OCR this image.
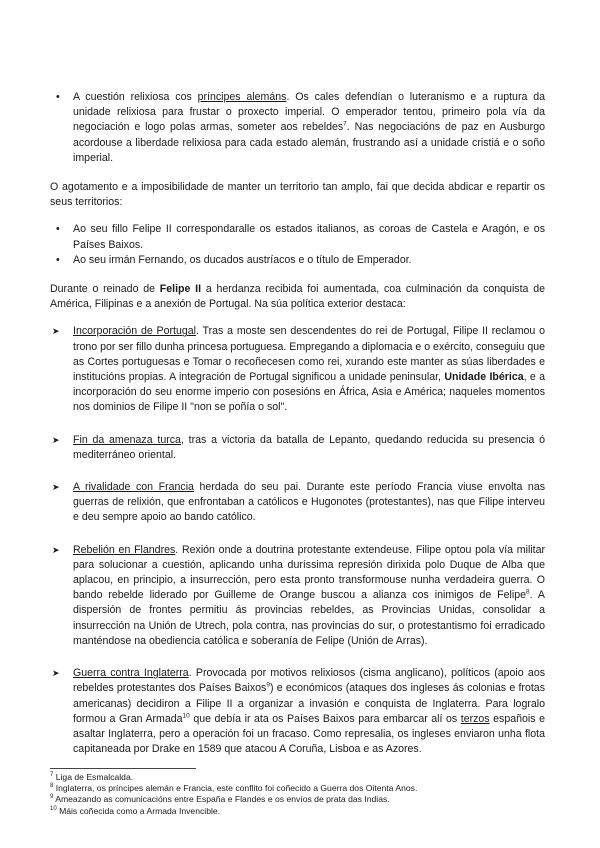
• A cuestión relixiosa cos príncipes alemáns. Os cales defendían o luteranismo e a ruptura da unidade relixiosa para frustar o proxecto imperial. O emperador tentou, primeiro pola vía da negociación e logo polas armas, someter aos rebeldes$^7$. Nas negociacións de paz en Ausburgo acordouse a liberdade relixiosa para cada estado alemán, frustrando así a unidade cristiá e o soño imperial.

O agotamento e a imposibilidade de manter un territorio tan amplo, fai que decida abdicar e repartir os seus territorios:

• Ao seu fillo Felipe II correspondaralle os estados italianos, as coroas de Castela e Aragón, e os Países Baixos.

• Ao seu irmán Fernando, os ducados austríacos e o título de Emperador.

Durante o reinado de Felipe II a herdanza recibida foi aumentada, coa culminación da conquista de América, Filipinas e a anexión de Portugal. Na súa política exterior destaca:

➤ Incorporación de Portugal. Tras a moste sen descendentes do rei de Portugal, Filipe II reclamou o trono por ser fillo dunha princesa portuguesa. Empregando a diplomacia e o exército, conseguiu que as Cortes portuguesas e Tomar o recoñecesen como rei, xurando este manter as súas liberdades e institucións propias. A integración de Portugal significou a unidade peninsular, Unidade Ibérica, e a incorporación do seu enorme imperio con posesións en África, Asia e América; naqueles momentos nos dominios de Filipe II "non se poñía o sol".

➤ Fin da amenaza turca, tras a victoria da batalla de Lepanto, quedando reducida su presencia ó mediterráneo oriental.

➤ A rivalidade con Francia herdada do seu pai. Durante este período Francia viuse envolta nas guerras de relixión, que enfrontaban a católicos e Hugonotes (protestantes), nas que Filipe interveu e deu sempre apoio ao bando católico.

➤ Rebelión en Flandres. Rexión onde a doutrina protestante extendeuse. Filipe optou pola vía militar para solucionar a cuestión, aplicando unha duríssima represión dirixida polo Duque de Alba que aplacou, en principio, a insurrección, pero esta pronto transformouse nunha verdadeira guerra. O bando rebelde liderado por Guilleme de Orange buscou a alianza cos inimigos de Felipe$^8$. A dispersión de frontes permitiu ás provincias rebeldes, as Provincias Unidas, consolidar a insurrección na Unión de Utrech, pola contra, nas provincias do sur, o protestantismo foi erradicado manténdose na obediencia católica e soberanía de Felipe (Unión de Arras).

➤ Guerra contra Inglaterra. Provocada por motivos relixiosos (cisma anglicano), políticos (apoio aos rebeldes protestantes dos Países Baixos$^9$) e económicos (ataques dos ingleses ás colonias e frotas americanas) decidiron a Filipe II a organizar a invasión e conquista de Inglaterra. Para logralo formou a Gran Armada$^{10}$ que debía ir ata os Países Baixos para embarcar alí os terzos españois e asaltar Inglaterra, pero a operación foi un fracaso. Como represalia, os ingleses enviaron unha flota capitaneada por Drake en 1589 que atacou A Coruña, Lisboa e as Azores.

$^7$ Liga de Esmalcalda.
$^8$ Inglaterra, os príncipes alemán e Francia, este conflito foi coñecido a Guerra dos Oitenta Anos.
$^9$ Ameazando as comunicacións entre España e Flandes e os envíos de prata das Indias.
$^{10}$ Máis coñecida como a Armada Invencible.
